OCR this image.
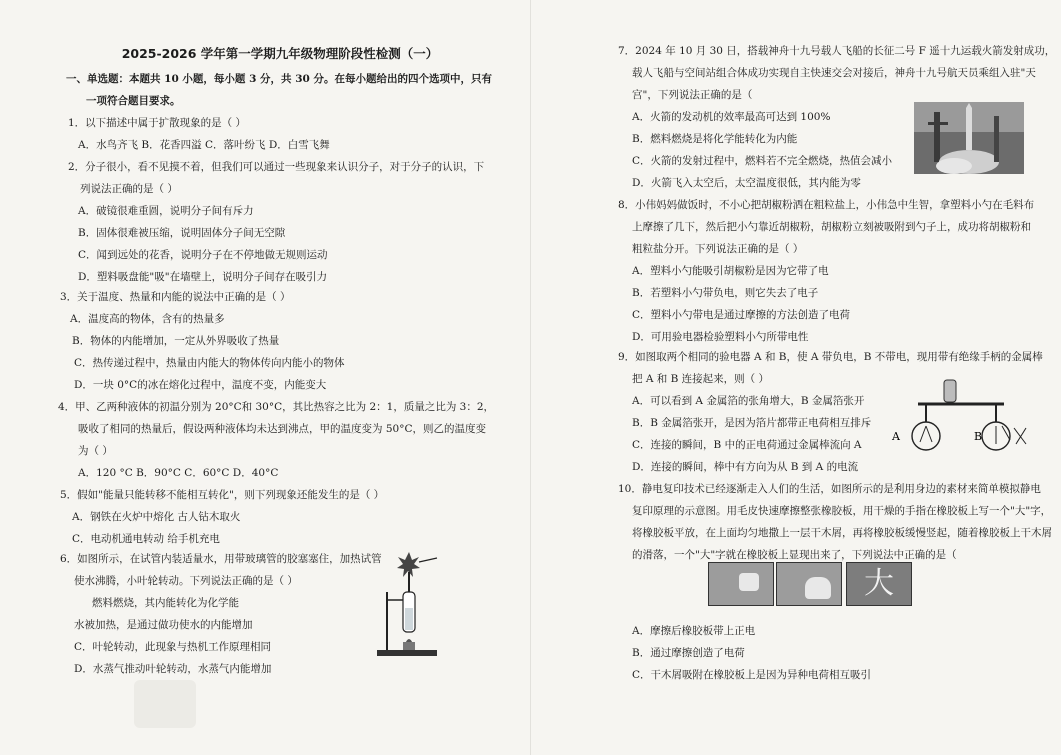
2025-2026 学年第一学期九年级物理阶段性检测（一）
一、单选题：本题共 10 小题，每小题 3 分，共 30 分。在每小题给出的四个选项中，只有
一项符合题目要求。
1．以下描述中属于扩散现象的是（ ）
A．水鸟齐飞 B．花香四溢 C．落叶纷飞 D．白雪飞舞
2．分子很小，看不见摸不着，但我们可以通过一些现象来认识分子，对于分子的认识，下
列说法正确的是（ ）
A．破镜很难重圆，说明分子间有斥力
B．固体很难被压缩，说明固体分子间无空隙
C．闻到远处的花香，说明分子在不停地做无规则运动
D．塑料吸盘能"吸"在墙壁上，说明分子间存在吸引力
3．关于温度、热量和内能的说法中正确的是（ ）
A．温度高的物体，含有的热量多
B．物体的内能增加，一定从外界吸收了热量
C．热传递过程中，热量由内能大的物体传向内能小的物体
D．一块 0°C的冰在熔化过程中，温度不变，内能变大
4．甲、乙两种液体的初温分别为 20°C和 30°C，其比热容之比为 2：1，质量之比为 3：2，
吸收了相同的热量后，假设两种液体均未达到沸点，甲的温度变为 50°C，则乙的温度变
为（ ）
A．120 °C B．90°C C．60°C D．40°C
5．假如"能量只能转移不能相互转化"，则下列现象还能发生的是（ ）
A．钢铁在火炉中熔化 古人钻木取火
C．电动机通电转动 给手机充电
6．如图所示，在试管内装适量水，用带玻璃管的胶塞塞住，加热试管
使水沸腾，小叶轮转动。下列说法正确的是（ ）
燃料燃烧，其内能转化为化学能
水被加热，是通过做功使水的内能增加
C．叶轮转动，此现象与热机工作原理相同
D．水蒸气推动叶轮转动，水蒸气内能增加
7．2024 年 10 月 30 日，搭载神舟十九号载人飞船的长征二号 F 遥十九运载火箭发射成功，
载人飞船与空间站组合体成功实现自主快速交会对接后，神舟十九号航天员乘组入驻"天
宫"，下列说法正确的是（
A．火箭的发动机的效率最高可达到 100%
B．燃料燃烧是将化学能转化为内能
C．火箭的发射过程中，燃料若不完全燃烧，热值会减小
D．火箭飞入太空后，太空温度很低，其内能为零
8．小伟妈妈做饭时，不小心把胡椒粉洒在粗粒盐上，小伟急中生智，拿塑料小勺在毛料布
上摩擦了几下，然后把小勺靠近胡椒粉，胡椒粉立刻被吸附到勺子上，成功将胡椒粉和
粗粒盐分开。下列说法正确的是（ ）
A．塑料小勺能吸引胡椒粉是因为它带了电
B．若塑料小勺带负电，则它失去了电子
C．塑料小勺带电是通过摩擦的方法创造了电荷
D．可用验电器检验塑料小勺所带电性
9．如图取两个相同的验电器 A 和 B，使 A 带负电，B 不带电，现用带有绝缘手柄的金属棒
把 A 和 B 连接起来，则（ ）
A．可以看到 A 金属箔的张角增大，B 金属箔张开
B．B 金属箔张开，是因为箔片都带正电荷相互排斥
C．连接的瞬间，B 中的正电荷通过金属棒流向 A
D．连接的瞬间，棒中有方向为从 B 到 A 的电流
10．静电复印技术已经逐渐走入人们的生活，如图所示的是利用身边的素材来简单模拟静电
复印原理的示意图。用毛皮快速摩擦整张橡胶板，用干燥的手指在橡胶板上写一个"大"字，
将橡胶板平放，在上面均匀地撒上一层干木屑，再将橡胶板缓慢竖起，随着橡胶板上干木屑
的滑落，一个"大"字就在橡胶板上显现出来了，下列说法中正确的是（
A．摩擦后橡胶板带上正电
B．通过摩擦创造了电荷
C．干木屑吸附在橡胶板上是因为异种电荷相互吸引
A	B
大
